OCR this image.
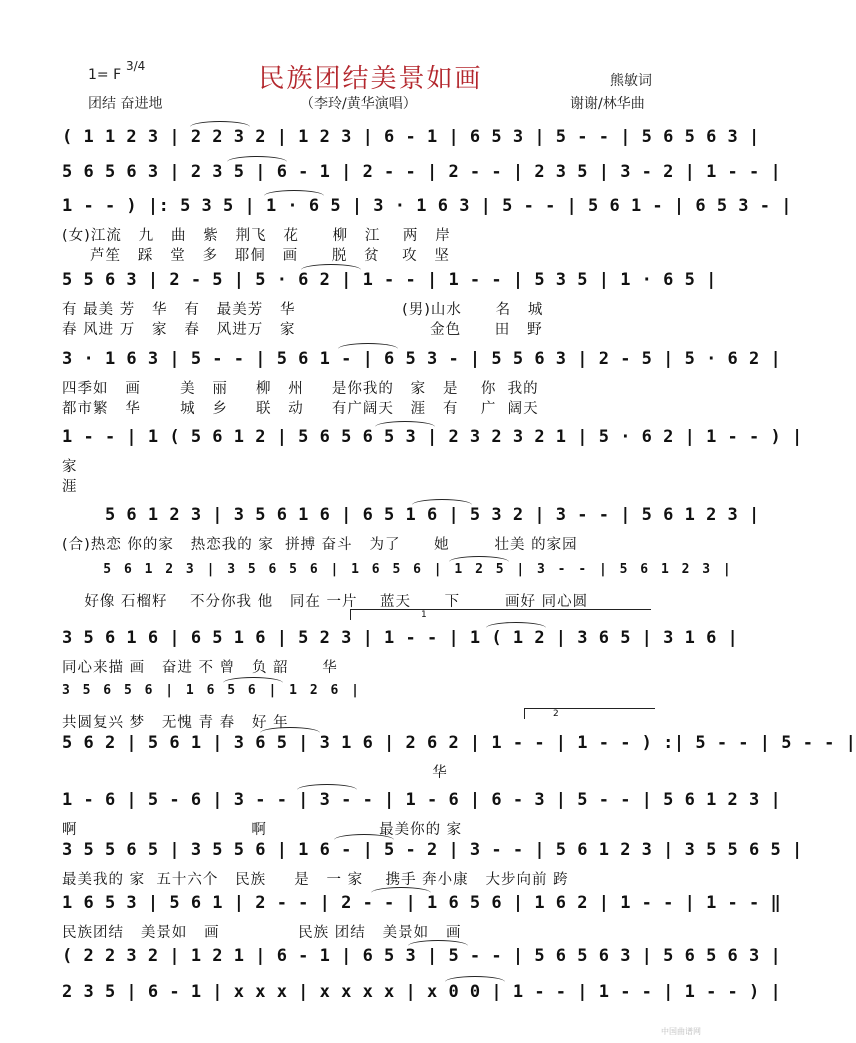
民族团结美景如画
1= F
3/4
团结 奋进地	（李玲/黄华演唱）
熊敏词
谢谢/林华曲
( 1 1 2 3 | 2 2 3 2 | 1 2 3 | 6 - 1 | 6 5 3 | 5 - - | 5 6 5 6 3 |
5 6 5 6 3 | 2 3 5 | 6 - 1 | 2 - - | 2 - - | 2 3 5 | 3 - 2 | 1 - - |
1 - - ) |: 5 3 5 | 1 · 6 5 | 3 · 1 6 3 | 5 - - | 5 6 1 - | 6 5 3 - |
(女)江流   九   曲   紫   荆飞   花      柳   江    两   岸
芦笙   踩   堂   多   耶侗   画      脱   贫    攻   坚
5 5 6 3 | 2 - 5 | 5 · 6 2 | 1 - - | 1 - - | 5 3 5 | 1 · 6 5 |
有 最美 芳   华   有   最美芳   华                   (男)山水      名   城
春 风进 万   家   春   风进万   家                        金色      田   野
3 · 1 6 3 | 5 - - | 5 6 1 - | 6 5 3 - | 5 5 6 3 | 2 - 5 | 5 · 6 2 |
四季如   画       美   丽     柳   州     是你我的   家   是    你  我的
都市繁   华       城   乡     联   动     有广阔天   涯   有    广  阔天
1 - - | 1 ( 5 6 1 2 | 5 6 5 6 5 3 | 2 3 2 3 2 1 | 5 · 6 2 | 1 - - ) |
家
涯
5 6 1 2 3 | 3 5 6 1 6 | 6 5 1 6 | 5 3 2 | 3 - - | 5 6 1 2 3 |
(合)热恋 你的家   热恋我的 家  拼搏 奋斗   为了      她        壮美 的家园
5 6 1 2 3 | 3 5 6 5 6 | 1 6 5 6 | 1 2 5 | 3 - - | 5 6 1 2 3 |
好像 石榴籽    不分你我 他   同在 一片    蓝天      下        画好 同心圆
3 5 6 1 6 | 6 5 1 6 | 5 2 3 | 1 - - | 1 ( 1 2 | 3 6 5 | 3 1 6 |
同心来描 画   奋进 不 曾   负 韶      华
3 5 6 5 6 | 1 6 5 6 | 1 2 6 |
共圆复兴 梦   无愧 青 春   好 年
5 6 2 | 5 6 1 | 3 6 5 | 3 1 6 | 2 6 2 | 1 - - | 1 - - ) :| 5 - - | 5 - - |
华
1 - 6 | 5 - 6 | 3 - - | 3 - - | 1 - 6 | 6 - 3 | 5 - - | 5 6 1 2 3 |
啊                               啊                    最美你的 家
3 5 5 6 5 | 3 5 5 6 | 1 6 - | 5 - 2 | 3 - - | 5 6 1 2 3 | 3 5 5 6 5 |
最美我的 家  五十六个   民族     是   一 家    携手 奔小康   大步向前 跨
1 6 5 3 | 5 6 1 | 2 - - | 2 - - | 1 6 5 6 | 1 6 2 | 1 - - | 1 - - ‖
民族团结   美景如   画              民族 团结   美景如   画
( 2 2 3 2 | 1 2 1 | 6 - 1 | 6 5 3 | 5 - - | 5 6 5 6 3 | 5 6 5 6 3 |
2 3 5 | 6 - 1 | x x x | x x x x | x 0 0 | 1 - - | 1 - - | 1 - - ) |
1
2
中国曲谱网
